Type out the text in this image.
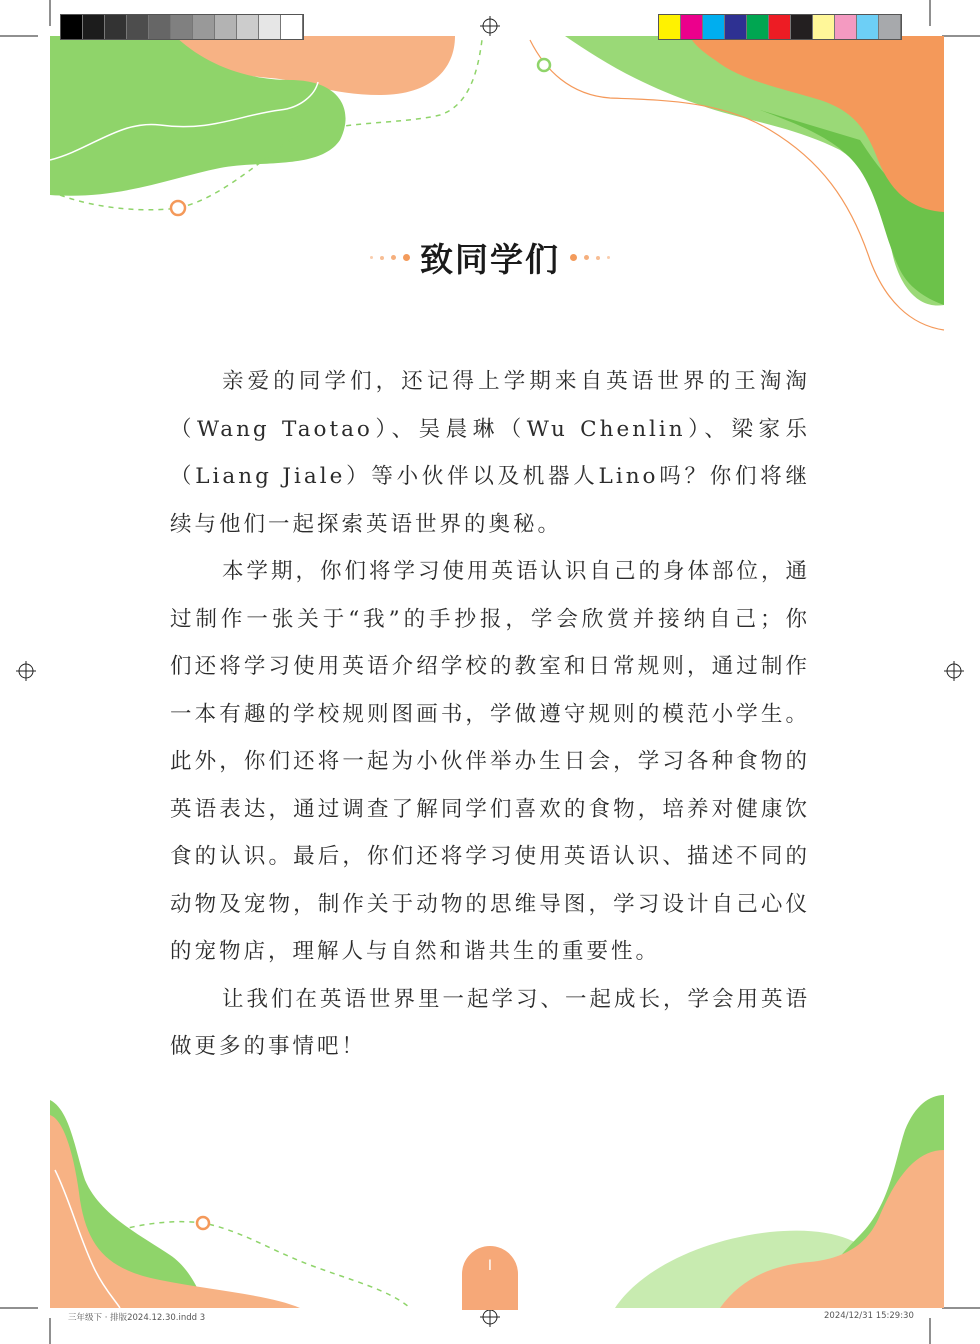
致同学们

亲爱的同学们，还记得上学期来自英语世界的王淘淘（Wang Taotao）、吴晨琳（Wu Chenlin）、梁家乐（Liang Jiale）等小伙伴以及机器人Lino吗？你们将继续与他们一起探索英语世界的奥秘。

本学期，你们将学习使用英语认识自己的身体部位，通过制作一张关于“我”的手抄报，学会欣赏并接纳自己；你们还将学习使用英语介绍学校的教室和日常规则，通过制作一本有趣的学校规则图画书，学做遵守规则的模范小学生。此外，你们还将一起为小伙伴举办生日会，学习各种食物的英语表达，通过调查了解同学们喜欢的食物，培养对健康饮食的认识。最后，你们还将学习使用英语认识、描述不同的动物及宠物，制作关于动物的思维导图，学习设计自己心仪的宠物店，理解人与自然和谐共生的重要性。

让我们在英语世界里一起学习、一起成长，学会用英语做更多的事情吧！

I
三年级下 · 排版2024.12.30.indd 3	2024/12/31 15:29:30
